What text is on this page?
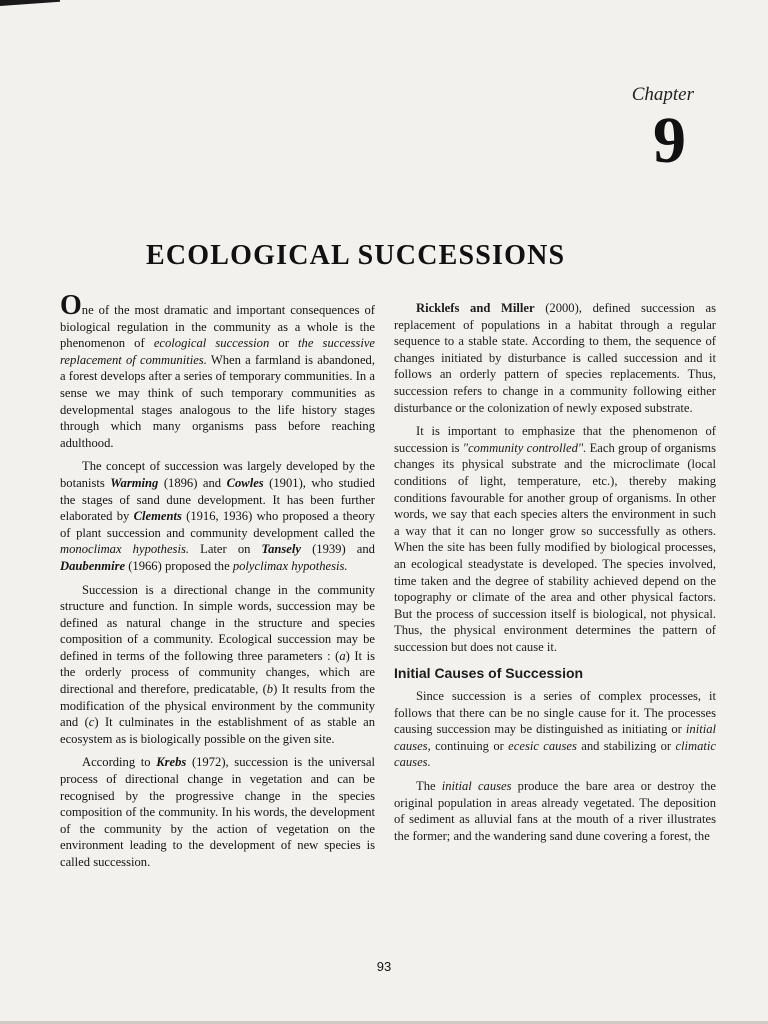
Chapter
9
ECOLOGICAL SUCCESSIONS

One of the most dramatic and important consequences of biological regulation in the community as a whole is the phenomenon of ecological succession or the successive replacement of communities. When a farmland is abandoned, a forest develops after a series of temporary communities. In a sense we may think of such temporary communities as developmental stages analogous to the life history stages through which many organisms pass before reaching adulthood.

The concept of succession was largely developed by the botanists Warming (1896) and Cowles (1901), who studied the stages of sand dune development. It has been further elaborated by Clements (1916, 1936) who proposed a theory of plant succession and community development called the monoclimax hypothesis. Later on Tansely (1939) and Daubenmire (1966) proposed the polyclimax hypothesis.

Succession is a directional change in the community structure and function. In simple words, succession may be defined as natural change in the structure and species composition of a community. Ecological succession may be defined in terms of the following three parameters : (a) It is the orderly process of community changes, which are directional and therefore, predicatable, (b) It results from the modification of the physical environment by the community and (c) It culminates in the establishment of as stable an ecosystem as is biologically possible on the given site.

According to Krebs (1972), succession is the universal process of directional change in vegetation and can be recognised by the progressive change in the species composition of the community. In his words, the development of the community by the action of vegetation on the environment leading to the development of new species is called succession.

Ricklefs and Miller (2000), defined succession as replacement of populations in a habitat through a regular sequence to a stable state. According to them, the sequence of changes initiated by disturbance is called succession and it follows an orderly pattern of species replacements. Thus, succession refers to change in a community following either disturbance or the colonization of newly exposed substrate.

It is important to emphasize that the phenomenon of succession is "community controlled". Each group of organisms changes its physical substrate and the microclimate (local conditions of light, temperature, etc.), thereby making conditions favourable for another group of organisms. In other words, we say that each species alters the environment in such a way that it can no longer grow so successfully as others. When the site has been fully modified by biological processes, an ecological steadystate is developed. The species involved, time taken and the degree of stability achieved depend on the topography or climate of the area and other physical factors. But the process of succession itself is biological, not physical. Thus, the physical environment determines the pattern of succession but does not cause it.

Initial Causes of Succession

Since succession is a series of complex processes, it follows that there can be no single cause for it. The processes causing succession may be distinguished as initiating or initial causes, continuing or ecesic causes and stabilizing or climatic causes.

The initial causes produce the bare area or destroy the original population in areas already vegetated. The deposition of sediment as alluvial fans at the mouth of a river illustrates the former; and the wandering sand dune covering a forest, the

93
